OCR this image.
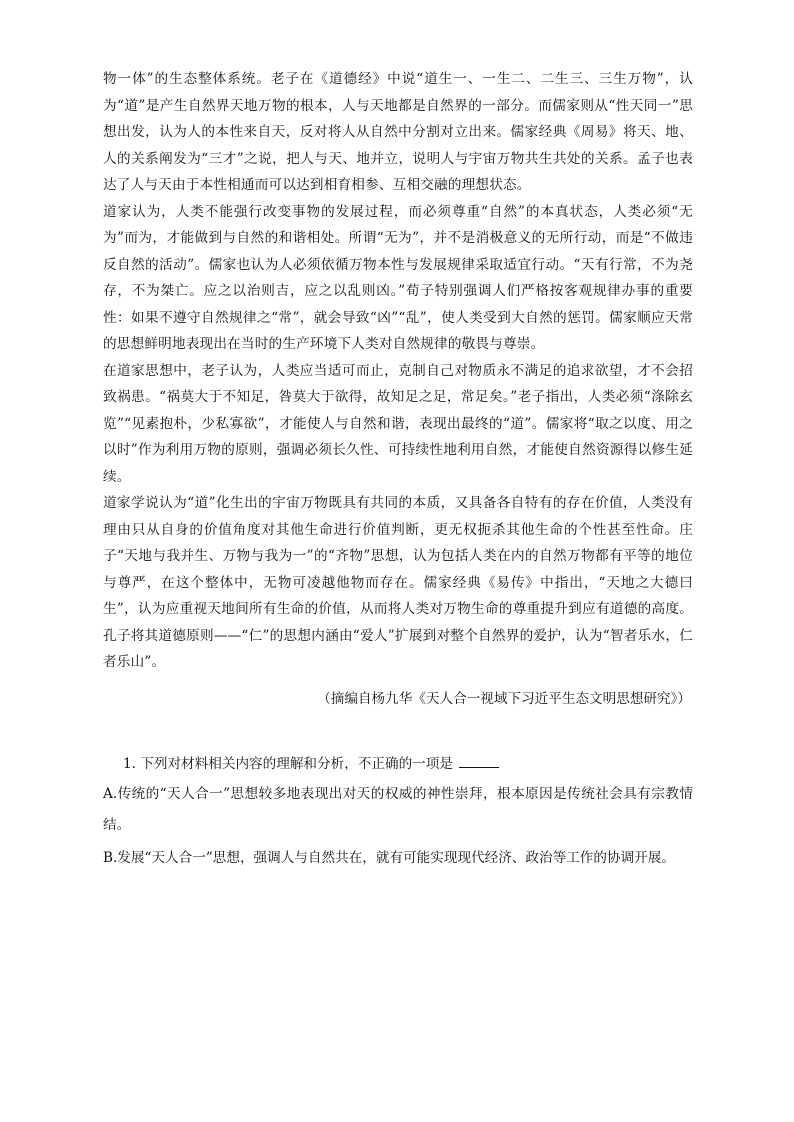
物一体”的生态整体系统。老子在《道德经》中说“道生一、一生二、二生三、三生万物”，认为“道”是产生自然界天地万物的根本，人与天地都是自然界的一部分。而儒家则从“性天同一”思想出发，认为人的本性来自天，反对将人从自然中分割对立出来。儒家经典《周易》将天、地、人的关系阐发为“三才”之说，把人与天、地并立，说明人与宇宙万物共生共处的关系。孟子也表达了人与天由于本性相通而可以达到相育相参、互相交融的理想状态。

道家认为，人类不能强行改变事物的发展过程，而必须尊重“自然”的本真状态，人类必须“无为”而为，才能做到与自然的和谐相处。所谓“无为”，并不是消极意义的无所行动，而是“不做违反自然的活动”。儒家也认为人必须依循万物本性与发展规律采取适宜行动。“天有行常，不为尧存，不为桀亡。应之以治则吉，应之以乱则凶。”荀子特别强调人们严格按客观规律办事的重要性：如果不遵守自然规律之“常”，就会导致“凶”“乱”，使人类受到大自然的惩罚。儒家顺应天常的思想鲜明地表现出在当时的生产环境下人类对自然规律的敬畏与尊崇。

在道家思想中，老子认为，人类应当适可而止，克制自己对物质永不满足的追求欲望，才不会招致祸患。“祸莫大于不知足，咎莫大于欲得，故知足之足，常足矣。”老子指出，人类必须“涤除玄览”“见素抱朴，少私寡欲”，才能使人与自然和谐，表现出最终的“道”。儒家将“取之以度、用之以时”作为利用万物的原则，强调必须长久性、可持续性地利用自然，才能使自然资源得以修生延续。

道家学说认为“道”化生出的宇宙万物既具有共同的本质，又具备各自特有的存在价值，人类没有理由只从自身的价值角度对其他生命进行价值判断，更无权扼杀其他生命的个性甚至性命。庄子“天地与我并生、万物与我为一”的“齐物”思想，认为包括人类在内的自然万物都有平等的地位与尊严，在这个整体中，无物可凌越他物而存在。儒家经典《易传》中指出，“天地之大德曰生”，认为应重视天地间所有生命的价值，从而将人类对万物生命的尊重提升到应有道德的高度。孔子将其道德原则——“仁”的思想内涵由“爱人”扩展到对整个自然界的爱护，认为“智者乐水，仁者乐山”。

（摘编自杨九华《天人合一视域下习近平生态文明思想研究》）

1. 下列对材料相关内容的理解和分析，不正确的一项是

A.传统的“天人合一”思想较多地表现出对天的权威的神性崇拜，根本原因是传统社会具有宗教情结。

B.发展“天人合一”思想，强调人与自然共在，就有可能实现现代经济、政治等工作的协调开展。
